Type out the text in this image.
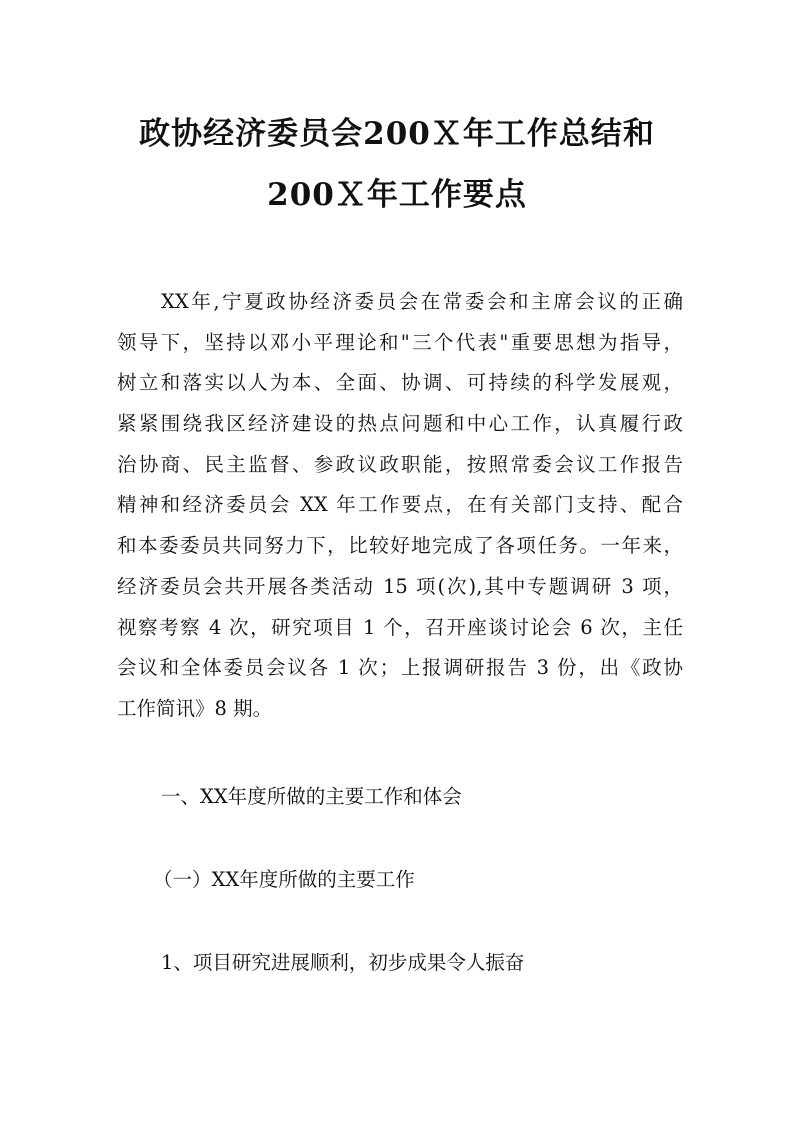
政协经济委员会200Ｘ年工作总结和
200Ｘ年工作要点
XX年,宁夏政协经济委员会在常委会和主席会议的正确
领导下，坚持以邓小平理论和"三个代表"重要思想为指导，
树立和落实以人为本、全面、协调、可持续的科学发展观，
紧紧围绕我区经济建设的热点问题和中心工作，认真履行政
治协商、民主监督、参政议政职能，按照常委会议工作报告
精神和经济委员会 XX 年工作要点，在有关部门支持、配合
和本委委员共同努力下，比较好地完成了各项任务。一年来，
经济委员会共开展各类活动 15 项(次),其中专题调研 3 项，
视察考察 4 次，研究项目 1 个，召开座谈讨论会 6 次，主任
会议和全体委员会议各 1 次；上报调研报告 3 份，出《政协
工作简讯》8 期。
一、XX年度所做的主要工作和体会
（一）XX年度所做的主要工作
1、项目研究进展顺利，初步成果令人振奋
